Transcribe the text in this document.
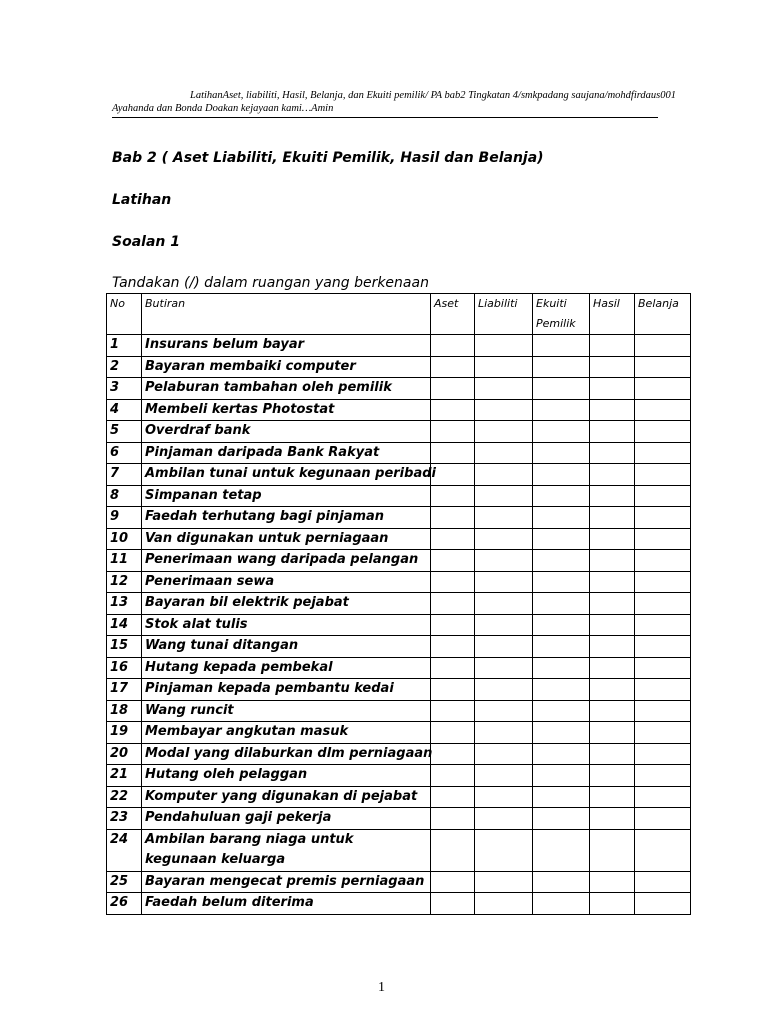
LatihanAset, liabiliti, Hasil, Belanja, dan Ekuiti pemilik/ PA bab2 Tingkatan 4/smkpadang saujana/mohdfirdaus001
Ayahanda dan Bonda Doakan kejayaan kami…Amin
Bab 2 ( Aset Liabiliti, Ekuiti Pemilik, Hasil dan Belanja)
Latihan
Soalan 1
Tandakan (/) dalam ruangan yang berkenaan
No	Butiran	Aset	Liabiliti	Ekuiti Pemilik	Hasil	Belanja
1	Insurans belum bayar					
2	Bayaran membaiki computer					
3	Pelaburan tambahan oleh pemilik					
4	Membeli kertas Photostat					
5	Overdraf bank					
6	Pinjaman daripada Bank Rakyat					
7	Ambilan tunai untuk kegunaan peribadi					
8	Simpanan tetap					
9	Faedah terhutang bagi pinjaman					
10	Van digunakan untuk perniagaan					
11	Penerimaan wang daripada pelangan					
12	Penerimaan sewa					
13	Bayaran bil elektrik pejabat					
14	Stok alat tulis					
15	Wang tunai ditangan					
16	Hutang kepada pembekal					
17	Pinjaman kepada pembantu kedai					
18	Wang runcit					
19	Membayar angkutan masuk					
20	Modal yang dilaburkan dlm perniagaan					
21	Hutang oleh pelaggan					
22	Komputer yang digunakan di pejabat					
23	Pendahuluan gaji pekerja					
24	Ambilan barang niaga untuk kegunaan keluarga					
25	Bayaran mengecat premis perniagaan					
26	Faedah belum diterima					
1
